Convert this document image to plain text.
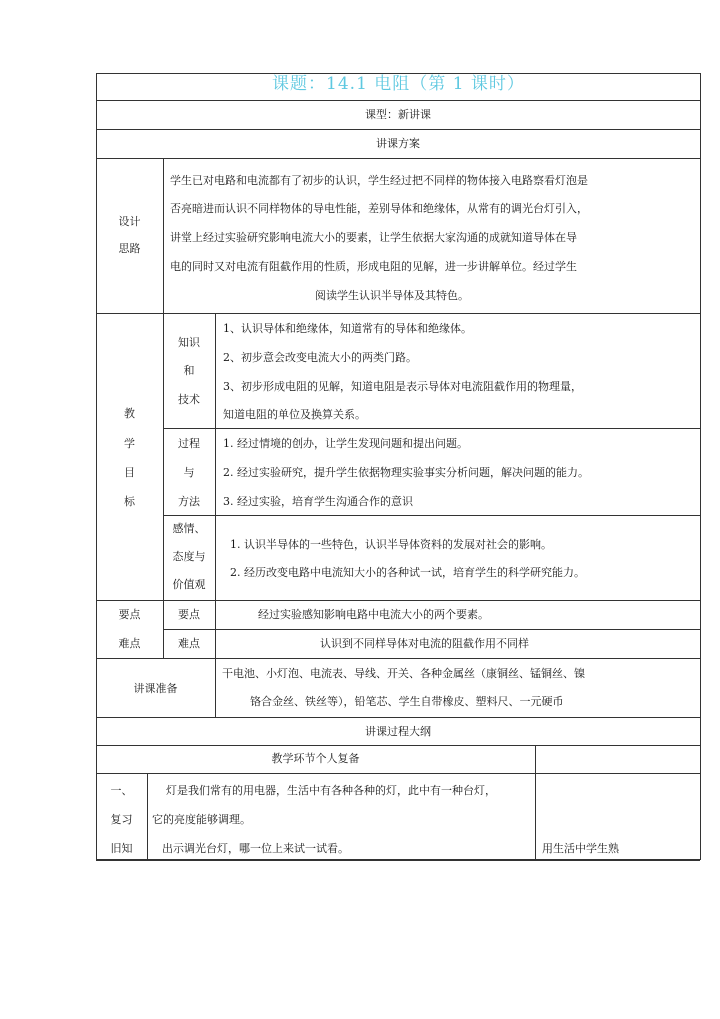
课题：14.1 电阻（第 1 课时）
课型：新讲课
讲课方案
设计
思路
学生已对电路和电流都有了初步的认识，学生经过把不同样的物体接入电路察看灯泡是
否亮暗进而认识不同样物体的导电性能，差别导体和绝缘体，从常有的调光台灯引入，
讲堂上经过实验研究影响电流大小的要素，让学生依据大家沟通的成就知道导体在导
电的同时又对电流有阻截作用的性质，形成电阻的见解，进一步讲解单位。经过学生
阅读学生认识半导体及其特色。
教
学
目
标
知识
和
技术
1、认识导体和绝缘体，知道常有的导体和绝缘体。
2、初步意会改变电流大小的两类门路。
3、初步形成电阻的见解，知道电阻是表示导体对电流阻截作用的物理量，
知道电阻的单位及换算关系。
过程
与
方法
1. 经过情境的创办，让学生发现问题和提出问题。
2. 经过实验研究，提升学生依据物理实验事实分析问题，解决问题的能力。
3. 经过实验，培育学生沟通合作的意识
感情、
态度与
价值观
1. 认识半导体的一些特色，认识半导体资料的发展对社会的影响。
2. 经历改变电路中电流知大小的各种试一试，培育学生的科学研究能力。
要点
难点
要点
难点
经过实验感知影响电路中电流大小的两个要素。
认识到不同样导体对电流的阻截作用不同样
讲课准备
干电池、小灯泡、电流表、导线、开关、各种金属丝（康铜丝、锰铜丝、镍
铬合金丝、铁丝等），铅笔芯、学生自带橡皮、塑料尺、一元硬币
讲课过程大纲
教学环节个人复备
一、
复习
旧知
灯是我们常有的用电器，生活中有各种各种的灯，此中有一种台灯，
它的亮度能够调理。
出示调光台灯，哪一位上来试一试看。	用生活中学生熟
